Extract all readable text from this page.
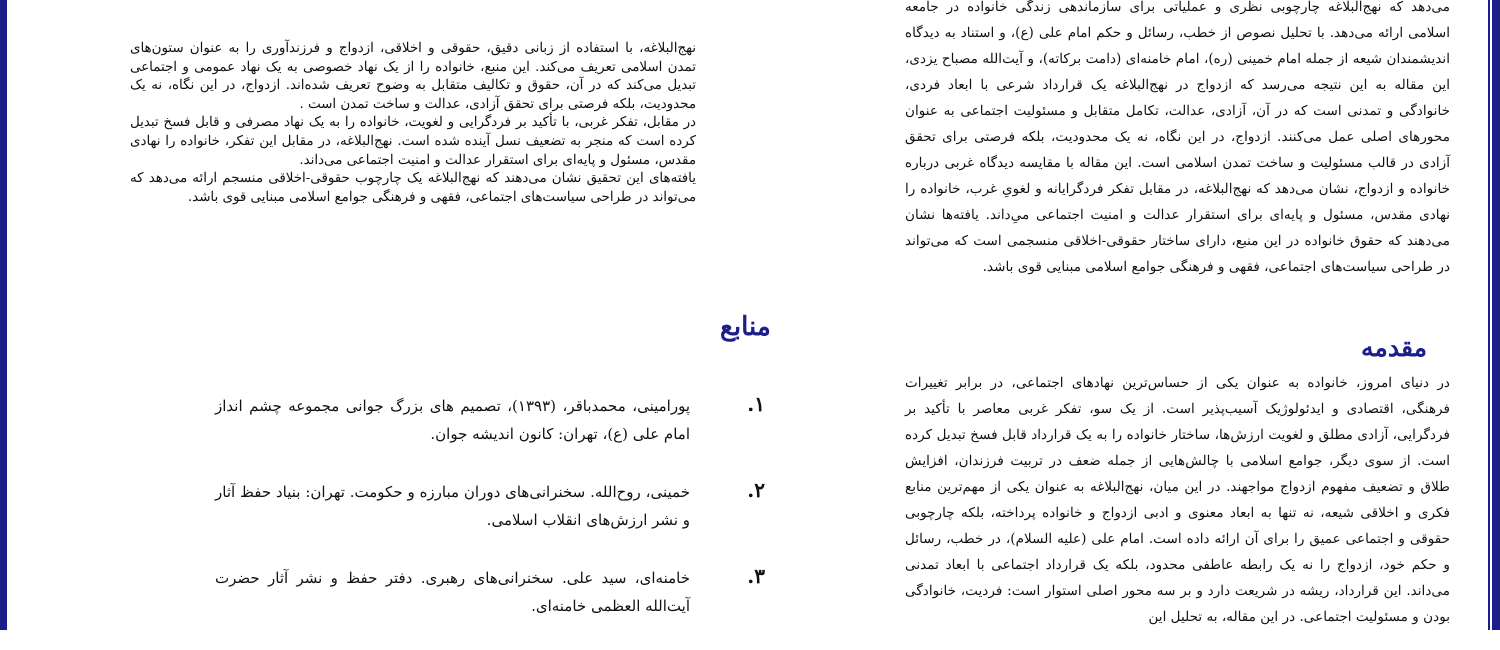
می‌دهد که نهج‌البلاغه چارچوبی نظری و عملیاتی برای سازماندهی زندگی خانواده در جامعه اسلامی ارائه می‌دهد. با تحلیل نصوص از خطب، رسائل و حکم امام علی (ع)، و استناد به دیدگاه اندیشمندان شیعه از جمله امام خمینی (ره)، امام خامنه‌ای (دامت برکاته)، و آیت‌الله مصباح یزدی، این مقاله به این نتیجه می‌رسد که ازدواج در نهج‌البلاغه یک قرارداد شرعی با ابعاد فردی، خانوادگی و تمدنی است که در آن، آزادی، عدالت، تکامل متقابل و مسئولیت اجتماعی به عنوان محورهای اصلی عمل می‌کنند. ازدواج، در این نگاه، نه یک محدودیت، بلکه فرصتی برای تحقق آزادی در قالب مسئولیت و ساخت تمدن اسلامی است. این مقاله با مقایسه دیدگاه غربی درباره خانواده و ازدواج، نشان می‌دهد که نهج‌البلاغه، در مقابل تفکر فردگرایانه و لغویِ غرب، خانواده را نهادی مقدس، مسئول و پایه‌ای برای استقرار عدالت و امنیت اجتماعی میِ‌داند. یافته‌ها نشان می‌دهند که حقوق خانواده در این منبع، دارای ساختار حقوقی-اخلاقی منسجمی است که می‌تواند در طراحی سیاست‌های اجتماعی، فقهی و فرهنگی جوامع اسلامی مبنایی قوی باشد.
مقدمه
در دنیای امروز، خانواده به عنوان یکی از حساس‌ترین نهادهای اجتماعی، در برابر تغییرات فرهنگی، اقتصادی و ایدئولوژیک آسیب‌پذیر است. از یک سو، تفکر غربی معاصر با تأکید بر فردگرایی، آزادی مطلق و لغویت ارزش‌ها، ساختار خانواده را به یک قرارداد قابل فسخ تبدیل کرده است. از سوی دیگر، جوامع اسلامی با چالش‌هایی از جمله ضعف در تربیت فرزندان، افزایش طلاق و تضعیف مفهوم ازدواج مواجهند. در این میان، نهج‌البلاغه به عنوان یکی از مهم‌ترین منابع فکری و اخلاقی شیعه، نه تنها به ابعاد معنوی و ادبی ازدواج و خانواده پرداخته، بلکه چارچوبی حقوقی و اجتماعی عمیق را برای آن ارائه داده است. امام علی (علیه السلام)، در خطب، رسائل و حکم خود، ازدواج را نه یک رابطه عاطفی محدود، بلکه یک قرارداد اجتماعی با ابعاد تمدنی می‌داند. این قرارداد، ریشه در شریعت دارد و بر سه محور اصلی استوار است: فردیت، خانوادگی بودن و مسئولیت اجتماعی. در این مقاله، به تحلیل این

نهج‌البلاغه، با استفاده از زبانی دقیق، حقوقی و اخلاقی، ازدواج و فرزندآوری را به عنوان ستون‌های تمدن اسلامی تعریف می‌کند. این منبع، خانواده را از یک نهاد خصوصی به یک نهاد عمومی و اجتماعی تبدیل می‌کند که در آن، حقوق و تکالیف متقابل به وضوح تعریف شده‌اند. ازدواج، در این نگاه، نه یک محدودیت، بلکه فرصتی برای تحقق آزادی، عدالت و ساخت تمدن است .

در مقابل، تفکر غربی، با تأکید بر فردگرایی و لغویت، خانواده را به یک نهاد مصرفی و قابل فسخ تبدیل کرده است که منجر به تضعیف نسل آینده شده است. نهج‌البلاغه، در مقابل این تفکر، خانواده را نهادی مقدس، مسئول و پایه‌ای برای استقرار عدالت و امنیت اجتماعی می‌داند.

یافته‌های این تحقیق نشان می‌دهند که نهج‌البلاغه یک چارچوب حقوقی-اخلاقی منسجم ارائه می‌دهد که می‌تواند در طراحی سیاست‌های اجتماعی، فقهی و فرهنگی جوامع اسلامی مبنایی قوی باشد.

منابع
۱.
پورامینی، محمدباقر، (۱۳۹۳)، تصمیم های بزرگ جوانی مجموعه چشم انداز امام علی (ع)، تهران: کانون اندیشه جوان.
۲.
خمینی، روح‌الله. سخنرانی‌های دوران مبارزه و حکومت. تهران: بنیاد حفظ آثار و نشر ارزش‌های انقلاب اسلامی.
۳.
خامنه‌ای، سید علی. سخنرانی‌های رهبری. دفتر حفظ و نشر آثار حضرت آیت‌الله العظمی خامنه‌ای.
